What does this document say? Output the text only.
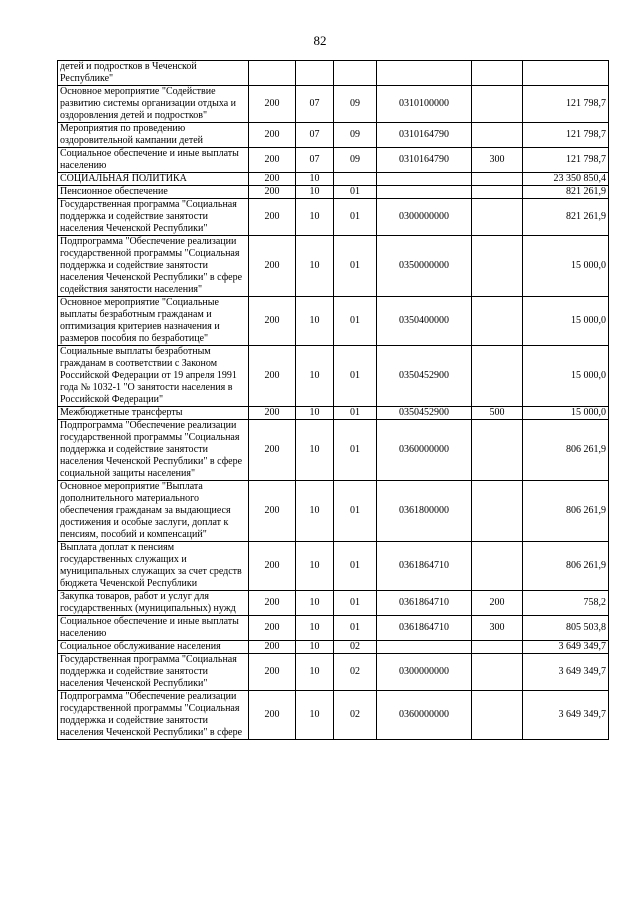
82
детей и подростков в Чеченской Республике"						
Основное мероприятие "Содействие развитию системы организации отдыха и оздоровления детей и подростков"	200	07	09	0310100000		121 798,7
Мероприятия по проведению оздоровительной кампании детей	200	07	09	0310164790		121 798,7
Социальное обеспечение и иные выплаты населению	200	07	09	0310164790	300	121 798,7
СОЦИАЛЬНАЯ ПОЛИТИКА	200	10				23 350 850,4
Пенсионное обеспечение	200	10	01			821 261,9
Государственная программа "Социальная поддержка и содействие занятости населения Чеченской Республики"	200	10	01	0300000000		821 261,9
Подпрограмма "Обеспечение реализации государственной программы "Социальная поддержка и содействие занятости населения Чеченской Республики" в сфере содействия занятости населения"	200	10	01	0350000000		15 000,0
Основное мероприятие "Социальные выплаты безработным гражданам и оптимизация критериев назначения и размеров пособия по безработице"	200	10	01	0350400000		15 000,0
Социальные выплаты безработным гражданам в соответствии с Законом Российской Федерации от 19 апреля 1991 года № 1032-1 "О занятости населения в Российской Федерации"	200	10	01	0350452900		15 000,0
Межбюджетные трансферты	200	10	01	0350452900	500	15 000,0
Подпрограмма "Обеспечение реализации государственной программы "Социальная поддержка и содействие занятости населения Чеченской Республики" в сфере социальной защиты населения"	200	10	01	0360000000		806 261,9
Основное мероприятие "Выплата дополнительного материального обеспечения гражданам за выдающиеся достижения и особые заслуги, доплат к пенсиям, пособий и компенсаций"	200	10	01	0361800000		806 261,9
Выплата доплат к пенсиям государственных служащих и муниципальных служащих за счет средств бюджета Чеченской Республики	200	10	01	0361864710		806 261,9
Закупка товаров, работ и услуг для государственных (муниципальных) нужд	200	10	01	0361864710	200	758,2
Социальное обеспечение и иные выплаты населению	200	10	01	0361864710	300	805 503,8
Социальное обслуживание населения	200	10	02			3 649 349,7
Государственная программа "Социальная поддержка и содействие занятости населения Чеченской Республики"	200	10	02	0300000000		3 649 349,7
Подпрограмма "Обеспечение реализации государственной программы "Социальная поддержка и содействие занятости населения Чеченской Республики" в сфере	200	10	02	0360000000		3 649 349,7
